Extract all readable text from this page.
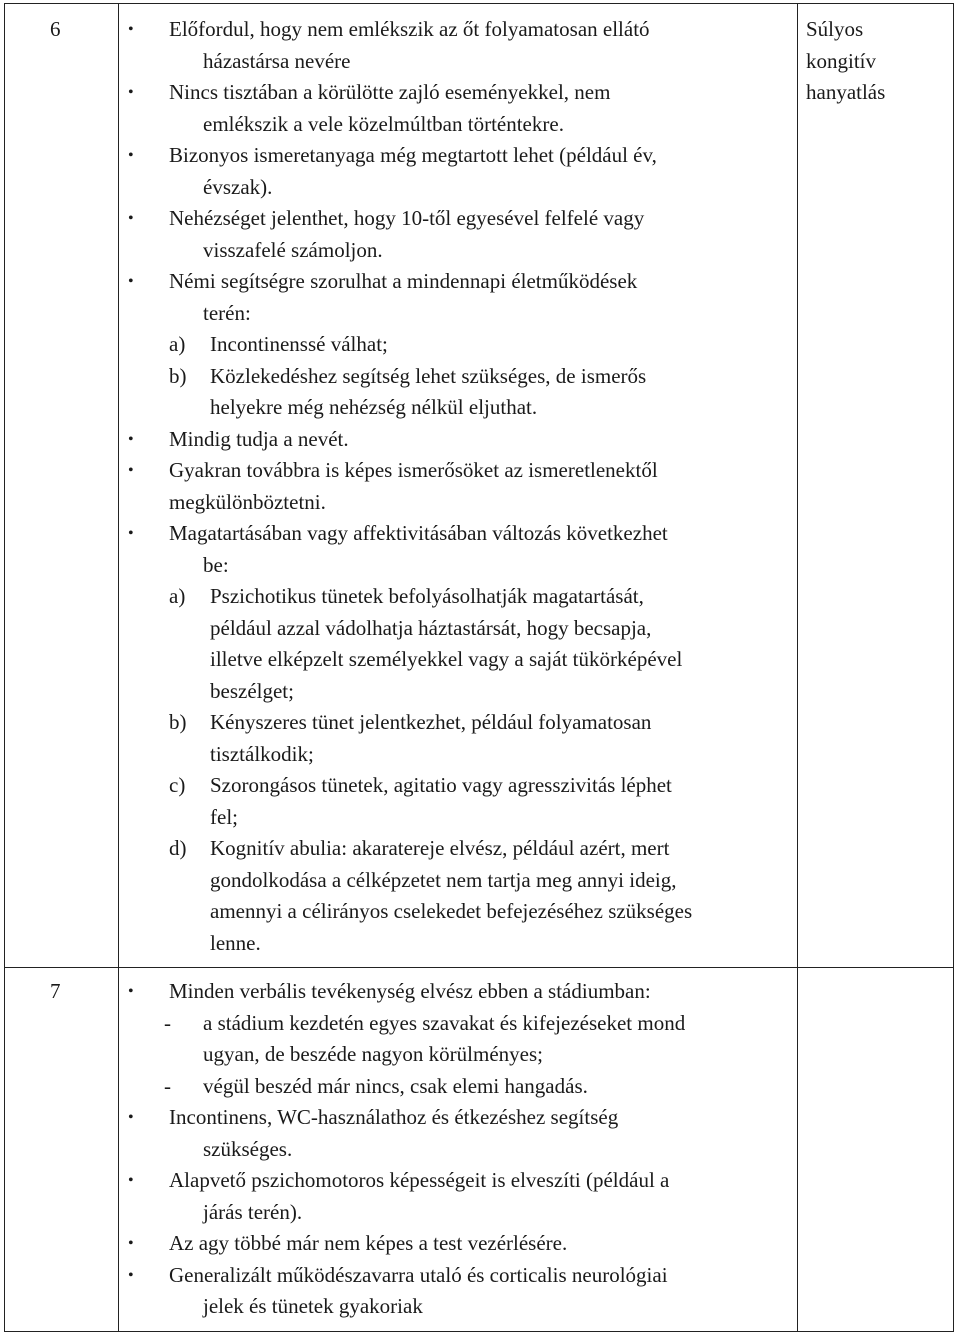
6	Súlyos
kongitív
hanyatlás
• Előfordul, hogy nem emlékszik az őt folyamatosan ellátó
házastársa nevére
• Nincs tisztában a körülötte zajló eseményekkel, nem
emlékszik a vele közelmúltban történtekre.
• Bizonyos ismeretanyaga még megtartott lehet (például év,
évszak).
• Nehézséget jelenthet, hogy 10-től egyesével felfelé vagy
visszafelé számoljon.
• Némi segítségre szorulhat a mindennapi életműködések
terén:
a) Incontinenssé válhat;
b) Közlekedéshez segítség lehet szükséges, de ismerős
helyekre még nehézség nélkül eljuthat.
• Mindig tudja a nevét.
• Gyakran továbbra is képes ismerősöket az ismeretlenektől
megkülönböztetni.
• Magatartásában vagy affektivitásában változás következhet
be:
a) Pszichotikus tünetek befolyásolhatják magatartását,
például azzal vádolhatja háztastársát, hogy becsapja,
illetve elképzelt személyekkel vagy a saját tükörképével
beszélget;
b) Kényszeres tünet jelentkezhet, például folyamatosan
tisztálkodik;
c) Szorongásos tünetek, agitatio vagy agresszivitás léphet
fel;
d) Kognitív abulia: akaratereje elvész, például azért, mert
gondolkodása a célképzetet nem tartja meg annyi ideig,
amennyi a célirányos cselekedet befejezéséhez szükséges
lenne.
7
•	Minden verbális tevékenység elvész ebben a stádiumban:
- a stádium kezdetén egyes szavakat és kifejezéseket mond
ugyan, de beszéde nagyon körülményes;
- végül beszéd már nincs, csak elemi hangadás.
• Incontinens, WC-használathoz és étkezéshez segítség
szükséges.
• Alapvető pszichomotoros képességeit is elveszíti (például a
járás terén).
• Az agy többé már nem képes a test vezérlésére.
• Generalizált működészavarra utaló és corticalis neurológiai
jelek és tünetek gyakoriak
